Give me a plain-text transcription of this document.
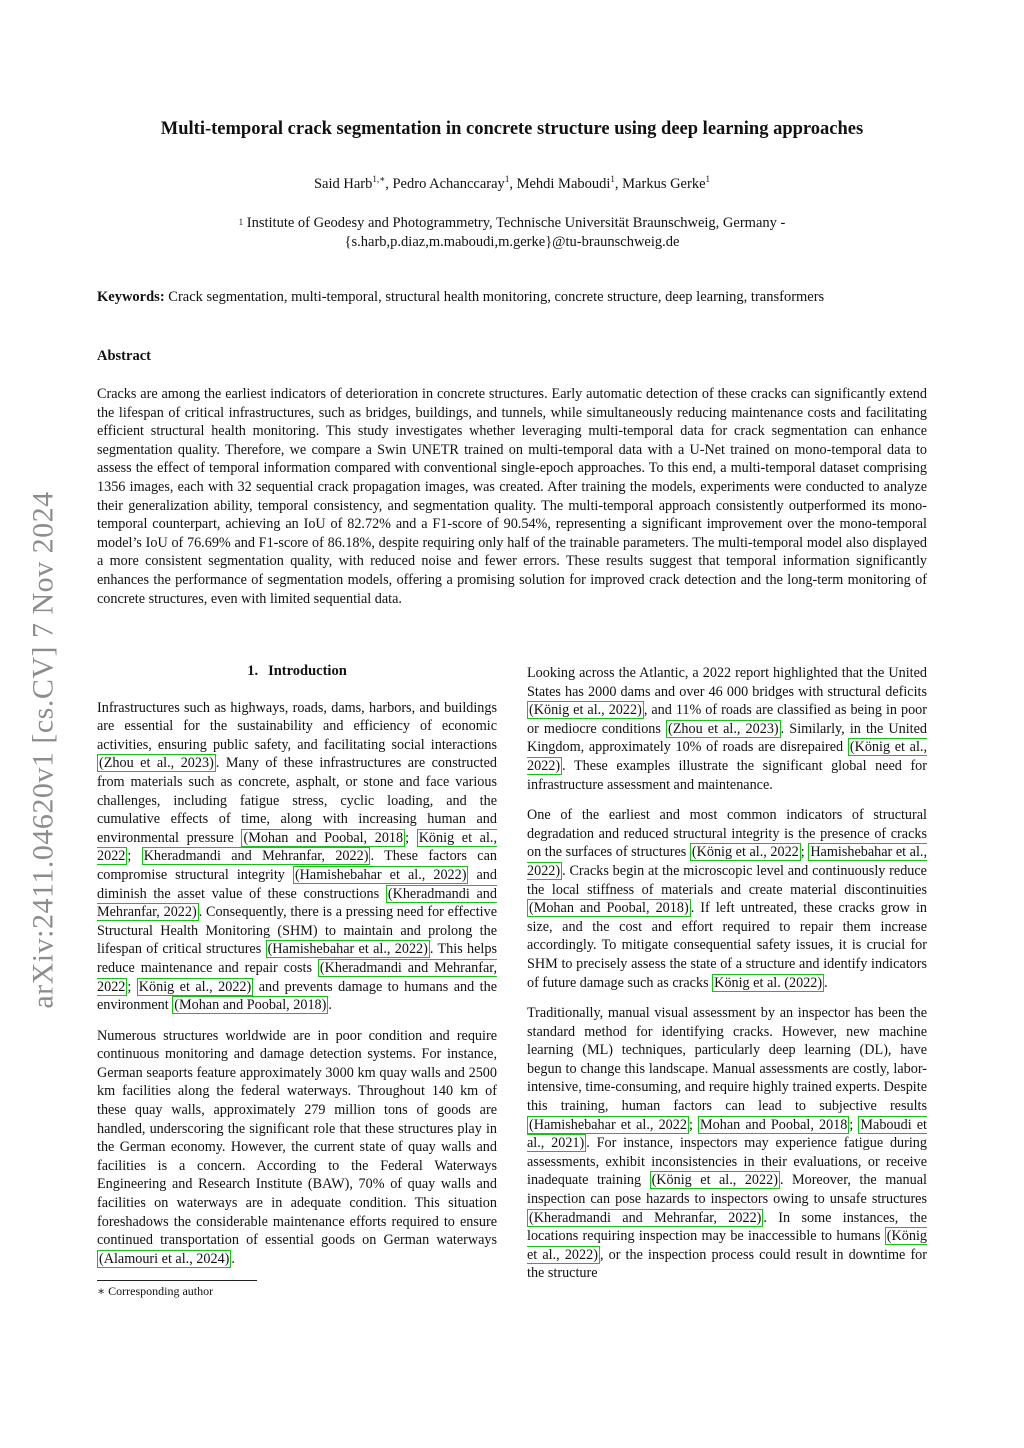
arXiv:2411.04620v1 [cs.CV] 7 Nov 2024
Multi-temporal crack segmentation in concrete structure using deep learning approaches
Said Harb$^{1,∗}$, Pedro Achanccaray$^1$, Mehdi Maboudi$^1$, Markus Gerke$^1$
$^1$ Institute of Geodesy and Photogrammetry, Technische Universität Braunschweig, Germany -
{s.harb,p.diaz,m.maboudi,m.gerke}@tu-braunschweig.de
Keywords: Crack segmentation, multi-temporal, structural health monitoring, concrete structure, deep learning, transformers
Abstract
Cracks are among the earliest indicators of deterioration in concrete structures. Early automatic detection of these cracks can significantly extend the lifespan of critical infrastructures, such as bridges, buildings, and tunnels, while simultaneously reducing maintenance costs and facilitating efficient structural health monitoring. This study investigates whether leveraging multi-temporal data for crack segmentation can enhance segmentation quality. Therefore, we compare a Swin UNETR trained on multi-temporal data with a U-Net trained on mono-temporal data to assess the effect of temporal information compared with conventional single-epoch approaches. To this end, a multi-temporal dataset comprising 1356 images, each with 32 sequential crack propagation images, was created. After training the models, experiments were conducted to analyze their generalization ability, temporal consistency, and segmentation quality. The multi-temporal approach consistently outperformed its mono-temporal counterpart, achieving an IoU of 82.72% and a F1-score of 90.54%, representing a significant improvement over the mono-temporal model’s IoU of 76.69% and F1-score of 86.18%, despite requiring only half of the trainable parameters. The multi-temporal model also displayed a more consistent segmentation quality, with reduced noise and fewer errors. These results suggest that temporal information significantly enhances the performance of segmentation models, offering a promising solution for improved crack detection and the long-term monitoring of concrete structures, even with limited sequential data.
1. Introduction

Infrastructures such as highways, roads, dams, harbors, and buildings are essential for the sustainability and efficiency of economic activities, ensuring public safety, and facilitating social interactions (Zhou et al., 2023) . Many of these infrastructures are constructed from materials such as concrete, asphalt, or stone and face various challenges, including fatigue stress, cyclic loading, and the cumulative effects of time, along with increasing human and environmental pressure (Mohan and Poobal, 2018 ; König et al., 2022 ; Kheradmandi and Mehranfar, 2022) . These factors can compromise structural integrity (Hamishebahar et al., 2022) and diminish the asset value of these constructions (Kheradmandi and Mehranfar, 2022) . Consequently, there is a pressing need for effective Structural Health Monitoring (SHM) to maintain and prolong the lifespan of critical structures (Hamishebahar et al., 2022) . This helps reduce maintenance and repair costs (Kheradmandi and Mehranfar, 2022 ; König et al., 2022) and prevents damage to humans and the environment (Mohan and Poobal, 2018) .

Numerous structures worldwide are in poor condition and require continuous monitoring and damage detection systems. For instance, German seaports feature approximately 3000 km quay walls and 2500 km facilities along the federal waterways. Throughout 140 km of these quay walls, approximately 279 million tons of goods are handled, underscoring the significant role that these structures play in the German economy. However, the current state of quay walls and facilities is a concern. According to the Federal Waterways Engineering and Research Institute (BAW), 70% of quay walls and facilities on waterways are in adequate condition. This situation foreshadows the considerable maintenance efforts required to ensure continued transportation of essential goods on German waterways (Alamouri et al., 2024) .

∗ Corresponding author

Looking across the Atlantic, a 2022 report highlighted that the United States has 2000 dams and over 46 000 bridges with structural deficits (König et al., 2022) , and 11% of roads are classified as being in poor or mediocre conditions (Zhou et al., 2023) . Similarly, in the United Kingdom, approximately 10% of roads are disrepaired (König et al., 2022) . These examples illustrate the significant global need for infrastructure assessment and maintenance.

One of the earliest and most common indicators of structural degradation and reduced structural integrity is the presence of cracks on the surfaces of structures (König et al., 2022 ; Hamishebahar et al., 2022) . Cracks begin at the microscopic level and continuously reduce the local stiffness of materials and create material discontinuities (Mohan and Poobal, 2018) . If left untreated, these cracks grow in size, and the cost and effort required to repair them increase accordingly. To mitigate consequential safety issues, it is crucial for SHM to precisely assess the state of a structure and identify indicators of future damage such as cracks König et al. (2022) .

Traditionally, manual visual assessment by an inspector has been the standard method for identifying cracks. However, new machine learning (ML) techniques, particularly deep learning (DL), have begun to change this landscape. Manual assessments are costly, labor-intensive, time-consuming, and require highly trained experts. Despite this training, human factors can lead to subjective results (Hamishebahar et al., 2022 ; Mohan and Poobal, 2018 ; Maboudi et al., 2021) . For instance, inspectors may experience fatigue during assessments, exhibit inconsistencies in their evaluations, or receive inadequate training (König et al., 2022) . Moreover, the manual inspection can pose hazards to inspectors owing to unsafe structures (Kheradmandi and Mehranfar, 2022) . In some instances, the locations requiring inspection may be inaccessible to humans (König et al., 2022) , or the inspection process could result in downtime for the structure
